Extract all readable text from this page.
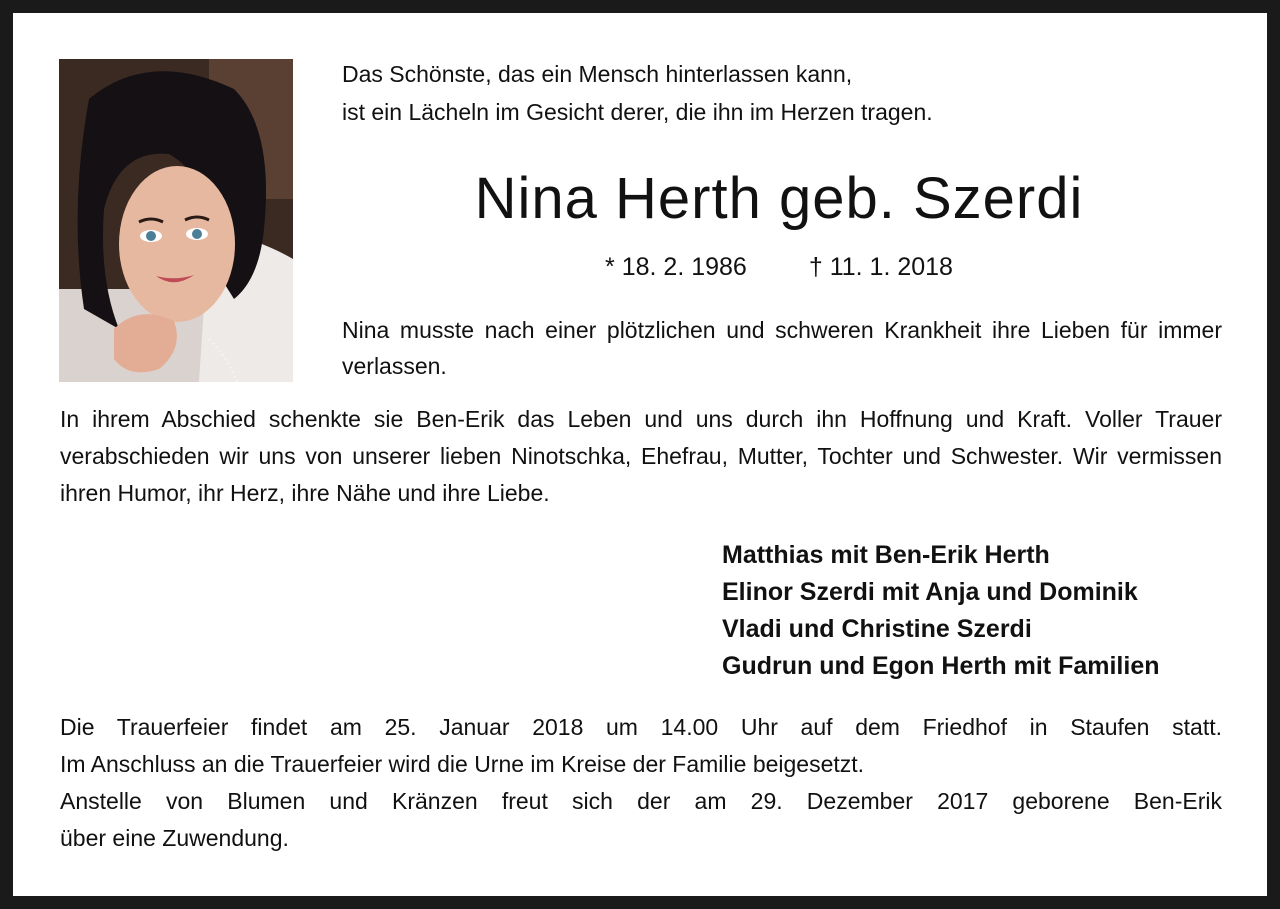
Das Schönste, das ein Mensch hinterlassen kann,
ist ein Lächeln im Gesicht derer, die ihn im Herzen tragen.
Nina Herth geb. Szerdi
* 18. 2. 1986 † 11. 1. 2018
Nina musste nach einer plötzlichen und schweren Krankheit ihre Lieben für immer verlassen.
In ihrem Abschied schenkte sie Ben-Erik das Leben und uns durch ihn Hoffnung und Kraft. Voller Trauer verabschieden wir uns von unserer lieben Ninotschka, Ehefrau, Mutter, Tochter und Schwester. Wir vermissen ihren Humor, ihr Herz, ihre Nähe und ihre Liebe.
Matthias mit Ben-Erik Herth
Elinor Szerdi mit Anja und Dominik
Vladi und Christine Szerdi
Gudrun und Egon Herth mit Familien
Die Trauerfeier findet am 25. Januar 2018 um 14.00 Uhr auf dem Friedhof in Staufen statt.
Im Anschluss an die Trauerfeier wird die Urne im Kreise der Familie beigesetzt.
Anstelle von Blumen und Kränzen freut sich der am 29. Dezember 2017 geborene Ben-Erik
über eine Zuwendung.
